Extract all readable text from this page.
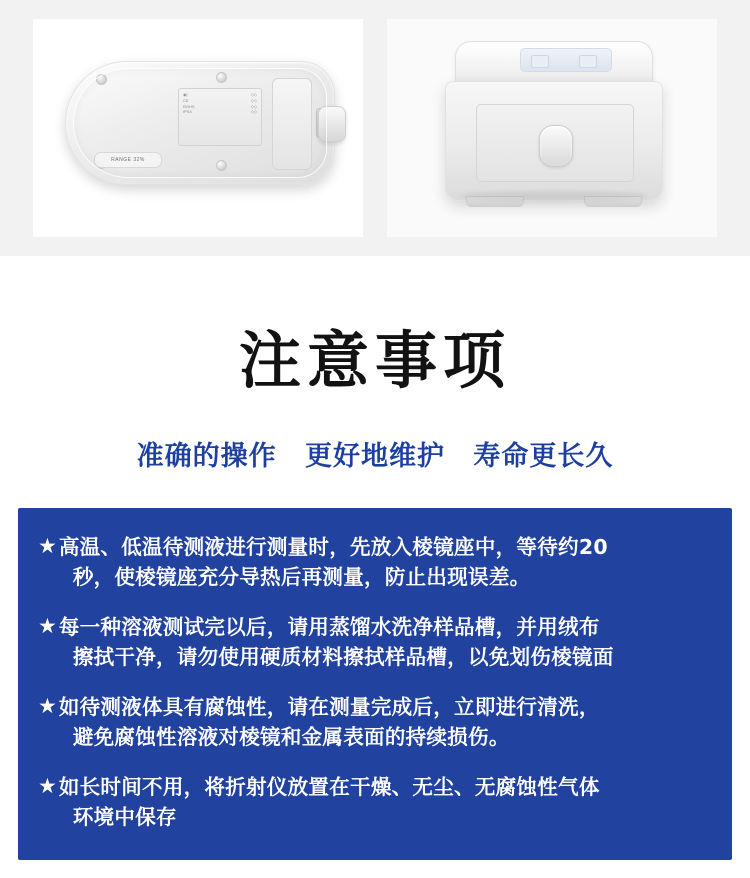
◉|	◇◇
CE	◇◇
ROHS	◇◇
IPX4	◇◇
RANGE 32%
注意事项
准确的操作 更好地维护 寿命更长久
★ 高温、低温待测液进行测量时，先放入棱镜座中，等待约20
秒，使棱镜座充分导热后再测量，防止出现误差。
★ 每一种溶液测试完以后，请用蒸馏水洗净样品槽，并用绒布
擦拭干净，请勿使用硬质材料擦拭样品槽，以免划伤棱镜面
★ 如待测液体具有腐蚀性，请在测量完成后，立即进行清洗，
避免腐蚀性溶液对棱镜和金属表面的持续损伤。
★ 如长时间不用，将折射仪放置在干燥、无尘、无腐蚀性气体
环境中保存
